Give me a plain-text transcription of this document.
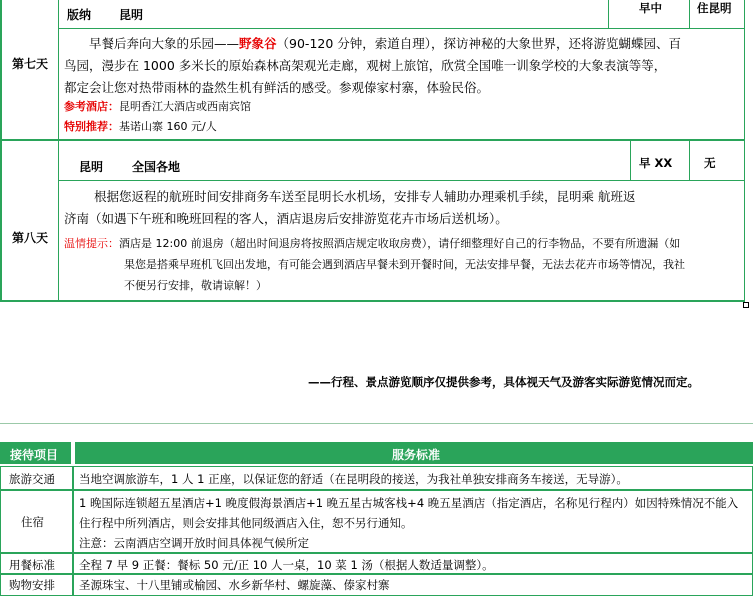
第七天
版纳 昆明	早中	住昆明
早餐后奔向大象的乐园——野象谷（90-120 分钟，索道自理），探访神秘的大象世界，还将游览蝴蝶园、百
鸟园，漫步在 1000 多米长的原始森林高架观光走廊，观树上旅馆，欣赏全国唯一训象学校的大象表演等等，
都定会让您对热带雨林的盎然生机有鲜活的感受。参观傣家村寨，体验民俗。
参考酒店：昆明香江大酒店或西南宾馆
特别推荐：基诺山寨 160 元/人
第八天
昆明 全国各地	早 XX	无
根据您返程的航班时间安排商务车送至昆明长水机场，安排专人辅助办理乘机手续，昆明乘 航班返
济南（如遇下午班和晚班回程的客人，酒店退房后安排游览花卉市场后送机场）。
温情提示：酒店是 12:00 前退房（超出时间退房将按照酒店规定收取房费），请仔细整理好自己的行李物品，不要有所遗漏（如
果您是搭乘早班机飞回出发地，有可能会遇到酒店早餐未到开餐时间，无法安排早餐，无法去花卉市场等情况，我社
不便另行安排，敬请谅解！）
——行程、景点游览顺序仅提供参考，具体视天气及游客实际游览情况而定。
接待项目	服务标准
旅游交通 当地空调旅游车，1 人 1 正座，以保证您的舒适（在昆明段的接送，为我社单独安排商务车接送，无导游）。
住宿
1 晚国际连锁超五星酒店+1 晚度假海景酒店+1 晚五星古城客栈+4 晚五星酒店（指定酒店，名称见行程内）如因特殊情况不能入
住行程中所列酒店，则会安排其他同级酒店入住，恕不另行通知。
注意：云南酒店空调开放时间具体视气候所定
用餐标准 全程 7 早 9 正餐：餐标 50 元/正 10 人一桌，10 菜 1 汤（根据人数适量调整）。
购物安排 圣源珠宝、十八里铺或榆园、水乡新华村、螺旋藻、傣家村寨
